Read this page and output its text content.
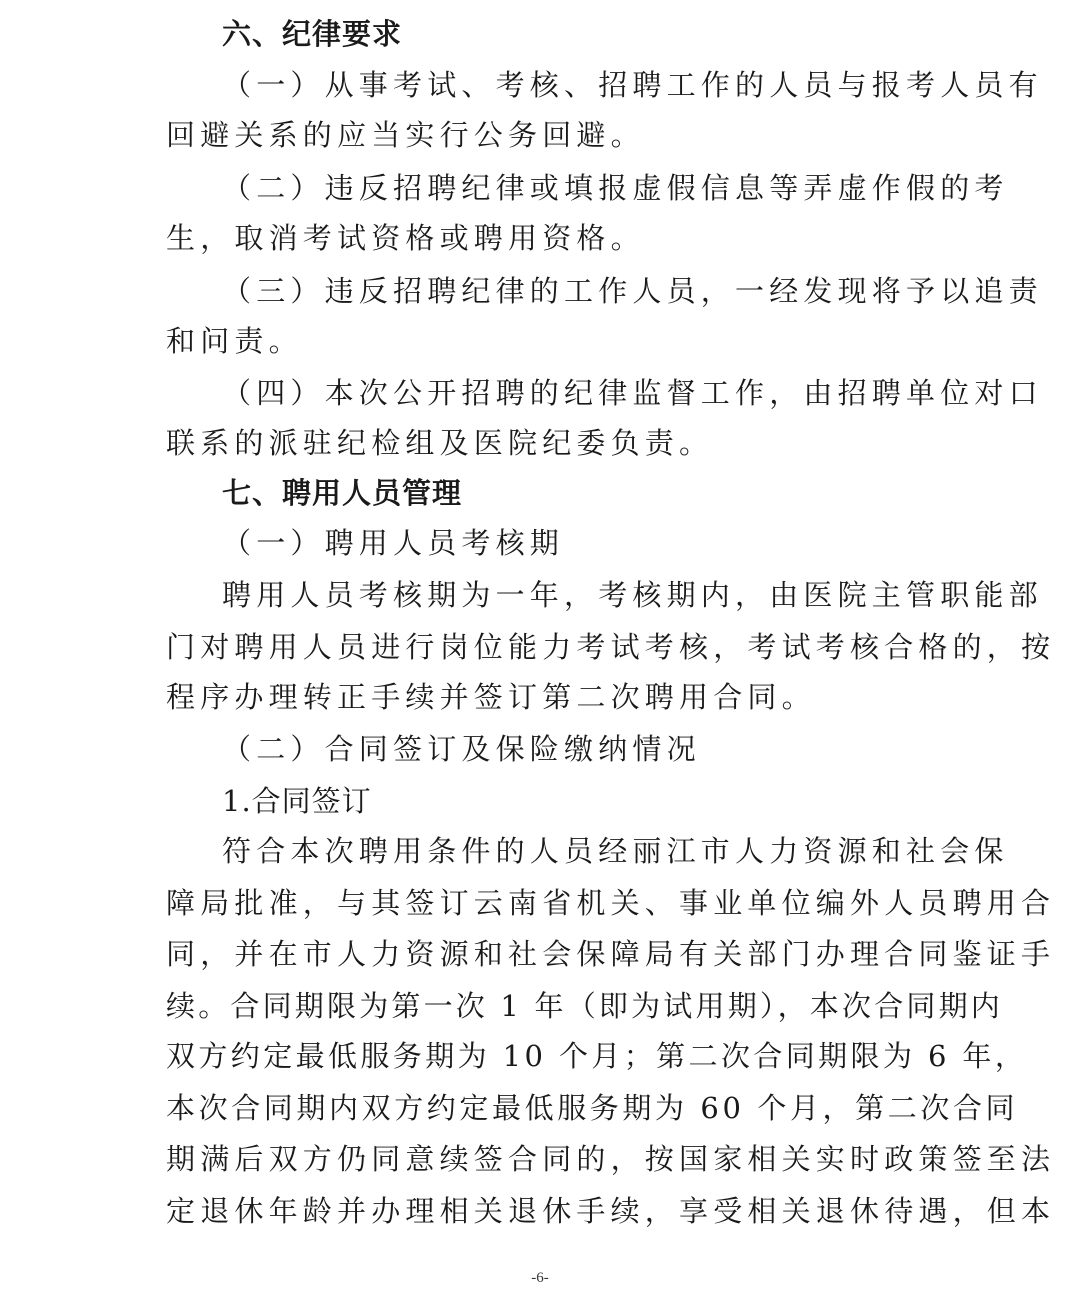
六、纪律要求
（一）从事考试、考核、招聘工作的人员与报考人员有
回避关系的应当实行公务回避。
（二）违反招聘纪律或填报虚假信息等弄虚作假的考
生，取消考试资格或聘用资格。
（三）违反招聘纪律的工作人员，一经发现将予以追责
和问责。
（四）本次公开招聘的纪律监督工作，由招聘单位对口
联系的派驻纪检组及医院纪委负责。
七、聘用人员管理
（一）聘用人员考核期
聘用人员考核期为一年，考核期内，由医院主管职能部
门对聘用人员进行岗位能力考试考核，考试考核合格的，按
程序办理转正手续并签订第二次聘用合同。
（二）合同签订及保险缴纳情况
1.合同签订
符合本次聘用条件的人员经丽江市人力资源和社会保
障局批准，与其签订云南省机关、事业单位编外人员聘用合
同，并在市人力资源和社会保障局有关部门办理合同鉴证手
续。合同期限为第一次 1 年（即为试用期），本次合同期内
双方约定最低服务期为 10 个月；第二次合同期限为 6 年，
本次合同期内双方约定最低服务期为 60 个月，第二次合同
期满后双方仍同意续签合同的，按国家相关实时政策签至法
定退休年龄并办理相关退休手续，享受相关退休待遇，但本
-6-
